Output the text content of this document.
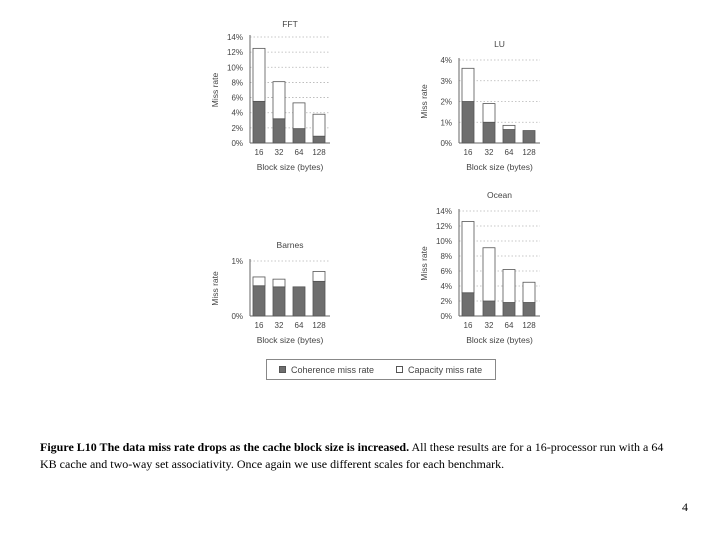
0%
2%
4%
6%
8%
10%
12%
14%
16 32 64 128
FFT
Block size (bytes)
Miss rate
0%
1%
2%
3%
4%
16 32 64 128
LU
Block size (bytes)
Miss rate
0%
1%
16 32 64 128
Barnes
Block size (bytes)
Miss rate
0%
2%
4%
6%
8%
10%
12%
14%
16 32 64 128
Ocean
Block size (bytes)
Miss rate
Coherence miss rate	Capacity miss rate
Figure L10 The data miss rate drops as the cache block size is increased. All these results are for a 16-processor run with a 64 KB cache and two-way set associativity. Once again we use different scales for each benchmark.
4
